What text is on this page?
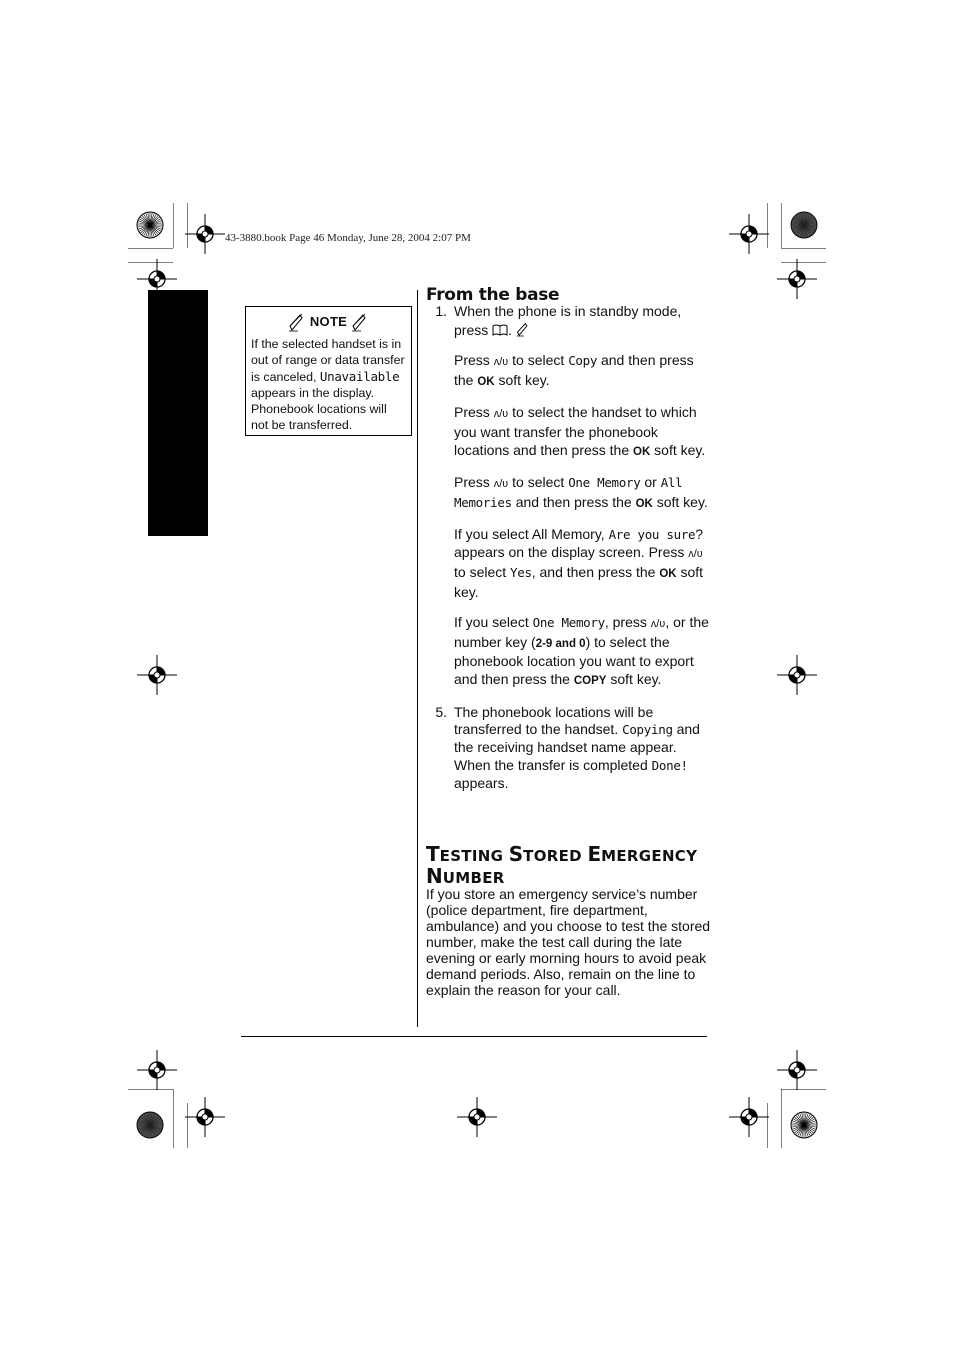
43-3880.book Page 46 Monday, June 28, 2004 2:07 PM
NOTE
If the selected handset is in out of range or data transfer is canceled, Unavailable appears in the display. Phonebook locations will not be transferred.
From the base
1. When the phone is in standby mode, press .
Press ʌ/ʋ to select Copy and then press the OK soft key.
Press ʌ/ʋ to select the handset to which you want transfer the phonebook locations and then press the OK soft key.
Press ʌ/ʋ to select One Memory or All Memories and then press the OK soft key.
If you select All Memory, Are you sure? appears on the display screen. Press ʌ/ʋ to select Yes, and then press the OK soft key.
If you select One Memory, press ʌ/ʋ, or the number key (2-9 and 0) to select the phonebook location you want to export and then press the COPY soft key.
5. The phonebook locations will be transferred to the handset. Copying and the receiving handset name appear. When the transfer is completed Done! appears.
TESTING STORED EMERGENCY
NUMBER
If you store an emergency service’s number (police department, fire department, ambulance) and you choose to test the stored number, make the test call during the late evening or early morning hours to avoid peak demand periods. Also, remain on the line to explain the reason for your call.
